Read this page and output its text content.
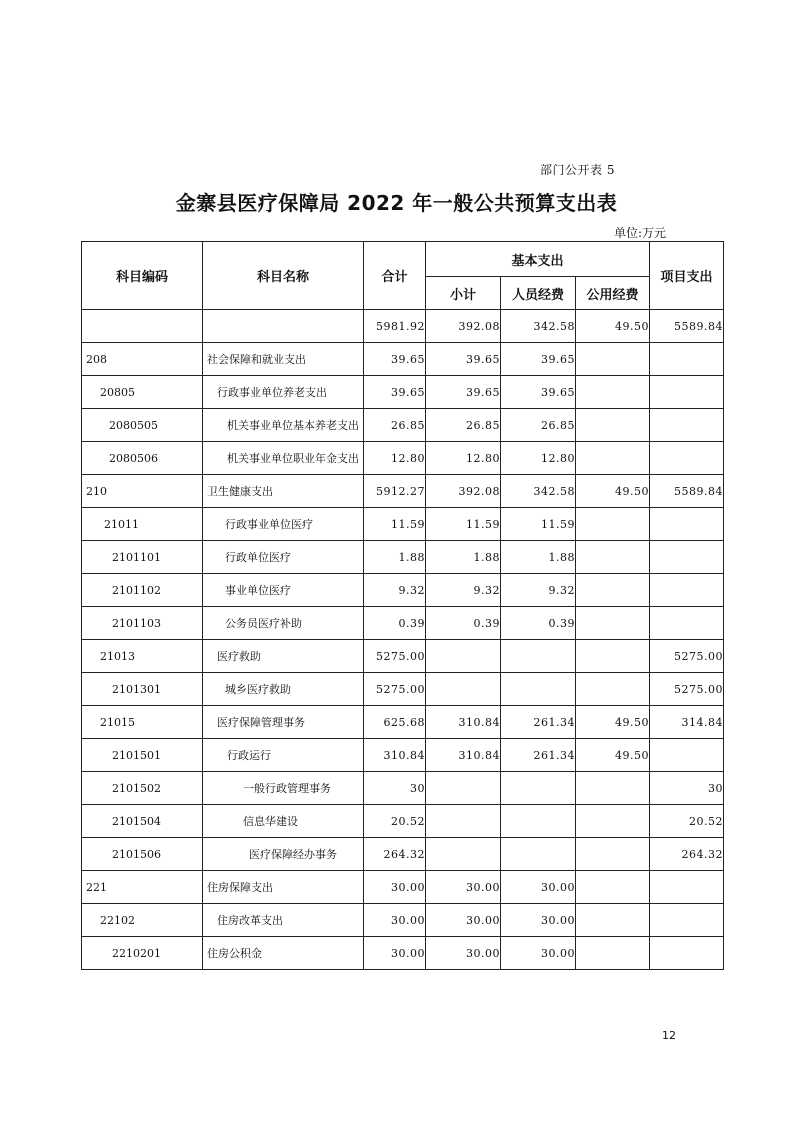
部门公开表 5
金寨县医疗保障局 2022 年一般公共预算支出表
单位:万元
科目编码	科目名称	合计	基本支出			项目支出
			小计	人员经费	公用经费	
		5981.92	392.08	342.58	49.50	5589.84
208	社会保障和就业支出	39.65	39.65	39.65		
20805	行政事业单位养老支出	39.65	39.65	39.65		
2080505	机关事业单位基本养老支出	26.85	26.85	26.85		
2080506	机关事业单位职业年金支出	12.80	12.80	12.80		
210	卫生健康支出	5912.27	392.08	342.58	49.50	5589.84
21011	行政事业单位医疗	11.59	11.59	11.59		
2101101	行政单位医疗	1.88	1.88	1.88		
2101102	事业单位医疗	9.32	9.32	9.32		
2101103	公务员医疗补助	0.39	0.39	0.39		
21013	医疗救助	5275.00				5275.00
2101301	城乡医疗救助	5275.00				5275.00
21015	医疗保障管理事务	625.68	310.84	261.34	49.50	314.84
2101501	行政运行	310.84	310.84	261.34	49.50	
2101502	一般行政管理事务	30				30
2101504	信息华建设	20.52				20.52
2101506	医疗保障经办事务	264.32				264.32
221	住房保障支出	30.00	30.00	30.00		
22102	住房改革支出	30.00	30.00	30.00		
2210201	住房公积金	30.00	30.00	30.00		
12
